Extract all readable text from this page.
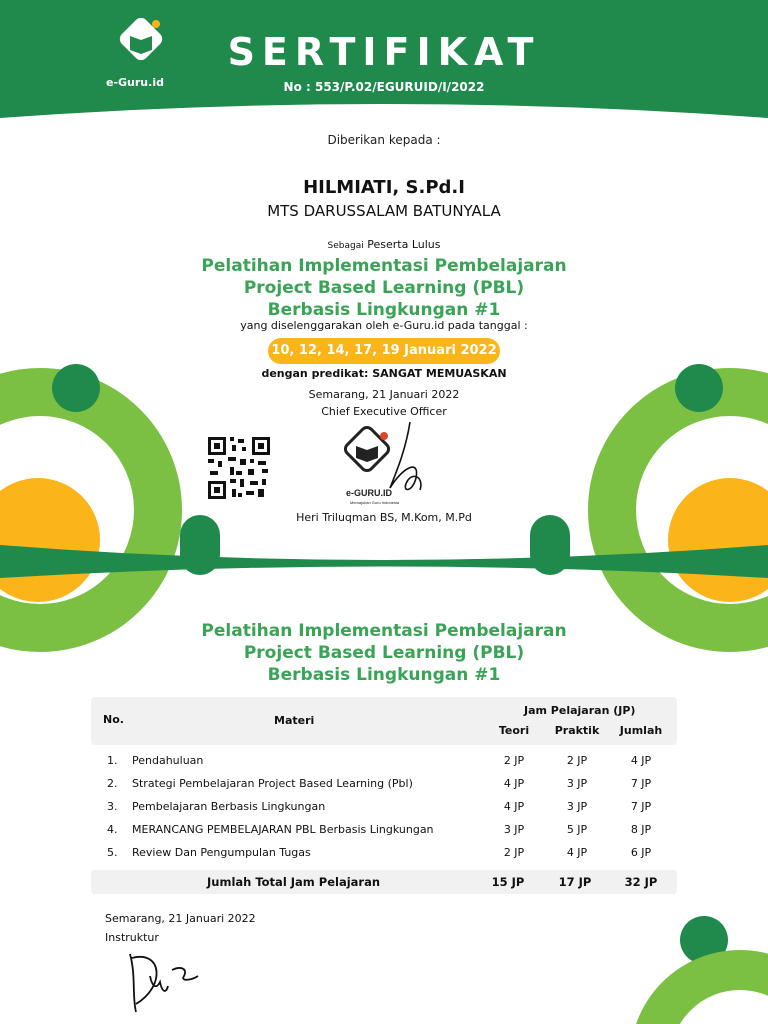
e-Guru.id
SERTIFIKAT
No : 553/P.02/EGURUID/I/2022
Diberikan kepada :
HILMIATI, S.Pd.I
MTS DARUSSALAM BATUNYALA
Sebagai Peserta Lulus
Pelatihan Implementasi Pembelajaran
Project Based Learning (PBL)
Berbasis Lingkungan #1
yang diselenggarakan oleh e-Guru.id pada tanggal :
10, 12, 14, 17, 19 Januari 2022
dengan predikat: SANGAT MEMUASKAN
Semarang, 21 Januari 2022
Chief Executive Officer
e-GURU.ID
Memajukan Guru Indonesia
Heri Triluqman BS, M.Kom, M.Pd
Pelatihan Implementasi Pembelajaran
Project Based Learning (PBL)
Berbasis Lingkungan #1
No.	Materi
Jam Pelajaran (JP)
Teori	Praktik	Jumlah
1. Pendahuluan	2 JP	2 JP	4 JP
2. Strategi Pembelajaran Project Based Learning (Pbl)	4 JP	3 JP	7 JP
3. Pembelajaran Berbasis Lingkungan	4 JP	3 JP	7 JP
4. MERANCANG PEMBELAJARAN PBL Berbasis Lingkungan	3 JP	5 JP	8 JP
5. Review Dan Pengumpulan Tugas	2 JP	4 JP	6 JP
Jumlah Total Jam Pelajaran	15 JP	17 JP	32 JP
Semarang, 21 Januari 2022
Instruktur
